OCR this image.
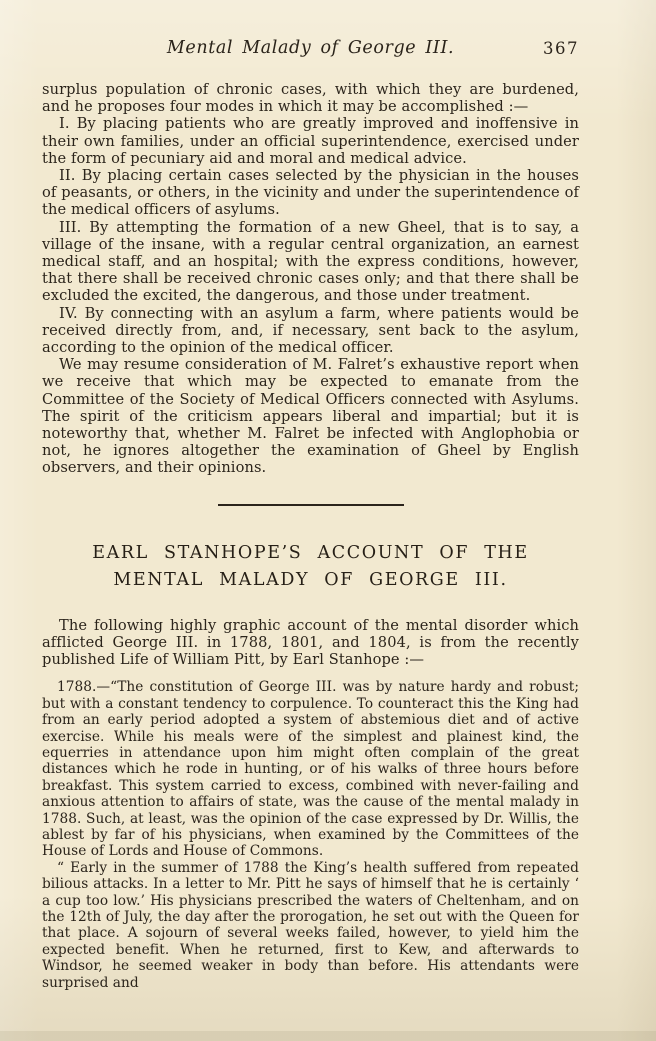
Mental Malady of George III.	367

surplus population of chronic cases, with which they are burdened, and he proposes four modes in which it may be accomplished :—

I. By placing patients who are greatly improved and inoffensive in their own families, under an official superintendence, exercised under the form of pecuniary aid and moral and medical advice.

II. By placing certain cases selected by the physician in the houses of peasants, or others, in the vicinity and under the superintendence of the medical officers of asylums.

III. By attempting the formation of a new Gheel, that is to say, a village of the insane, with a regular central organization, an earnest medical staff, and an hospital; with the express conditions, however, that there shall be received chronic cases only; and that there shall be excluded the excited, the dangerous, and those under treatment.

IV. By connecting with an asylum a farm, where patients would be received directly from, and, if necessary, sent back to the asylum, according to the opinion of the medical officer.

We may resume consideration of M. Falret’s exhaustive report when we receive that which may be expected to emanate from the Committee of the Society of Medical Officers connected with Asylums. The spirit of the criticism appears liberal and impartial; but it is noteworthy that, whether M. Falret be infected with Anglophobia or not, he ignores altogether the examination of Gheel by English observers, and their opinions.

EARL STANHOPE’S ACCOUNT OF THE
MENTAL MALADY OF GEORGE III.

The following highly graphic account of the mental disorder which afflicted George III. in 1788, 1801, and 1804, is from the recently published Life of William Pitt, by Earl Stanhope :—

1788.—“The constitution of George III. was by nature hardy and robust; but with a constant tendency to corpulence. To counteract this the King had from an early period adopted a system of abstemious diet and of active exercise. While his meals were of the simplest and plainest kind, the equerries in attendance upon him might often complain of the great distances which he rode in hunting, or of his walks of three hours before breakfast. This system carried to excess, combined with never-failing and anxious attention to affairs of state, was the cause of the mental malady in 1788. Such, at least, was the opinion of the case expressed by Dr. Willis, the ablest by far of his physicians, when examined by the Committees of the House of Lords and House of Commons.

“ Early in the summer of 1788 the King’s health suffered from repeated bilious attacks. In a letter to Mr. Pitt he says of himself that he is certainly ‘ a cup too low.’ His physicians prescribed the waters of Cheltenham, and on the 12th of July, the day after the prorogation, he set out with the Queen for that place. A sojourn of several weeks failed, however, to yield him the expected benefit. When he returned, first to Kew, and afterwards to Windsor, he seemed weaker in body than before. His attendants were surprised and
